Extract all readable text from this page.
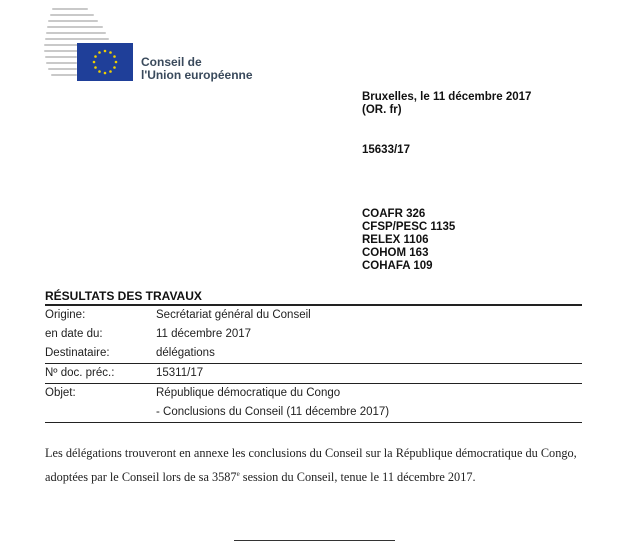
Conseil de
l'Union européenne
Bruxelles, le 11 décembre 2017
(OR. fr)
15633/17
COAFR 326
CFSP/PESC 1135
RELEX 1106
COHOM 163
COHAFA 109
RÉSULTATS DES TRAVAUX
Origine:	Secrétariat général du Conseil
en date du:	11 décembre 2017
Destinataire:	délégations
Nº doc. préc.:	15311/17
Objet:	République démocratique du Congo
- Conclusions du Conseil (11 décembre 2017)
Les délégations trouveront en annexe les conclusions du Conseil sur la République démocratique du Congo, adoptées par le Conseil lors de sa 3587e session du Conseil, tenue le 11 décembre 2017.
